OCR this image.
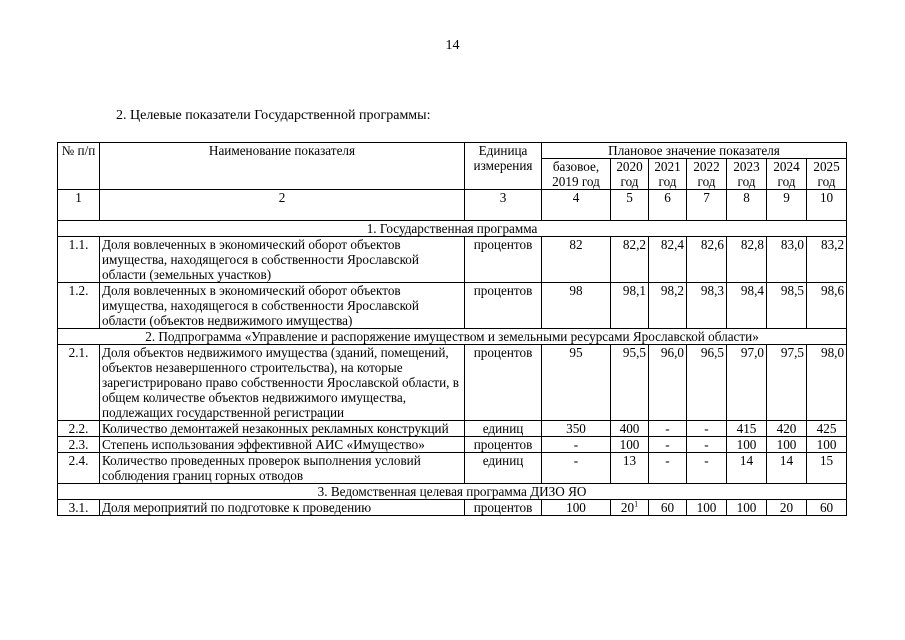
14
2. Целевые показатели Государственной программы:
№ п/п	Наименование показателя	Единица измерения	Плановое значение показателя						
			базовое, 2019 год	2020 год	2021 год	2022 год	2023 год	2024 год	2025 год
1	2	3	4	5	6	7	8	9	10
1. Государственная программа									
1.1.	Доля вовлеченных в экономический оборот объектов имущества, находящегося в собственности Ярославской области (земельных участков)	процентов	82	82,2	82,4	82,6	82,8	83,0	83,2
1.2.	Доля вовлеченных в экономический оборот объектов имущества, находящегося в собственности Ярославской области (объектов недвижимого имущества)	процентов	98	98,1	98,2	98,3	98,4	98,5	98,6
2. Подпрограмма «Управление и распоряжение имуществом и земельными ресурсами Ярославской области»									
2.1.	Доля объектов недвижимого имущества (зданий, помещений, объектов незавершенного строительства), на которые зарегистрировано право собственности Ярославской области, в общем количестве объектов недвижимого имущества, подлежащих государственной регистрации	процентов	95	95,5	96,0	96,5	97,0	97,5	98,0
2.2.	Количество демонтажей незаконных рекламных конструкций	единиц	350	400	-	-	415	420	425
2.3.	Степень использования эффективной АИС «Имущество»	процентов	-	100	-	-	100	100	100
2.4.	Количество проведенных проверок выполнения условий соблюдения границ горных отводов	единиц	-	13	-	-	14	14	15
3. Ведомственная целевая программа ДИЗО ЯО									
3.1.	Доля мероприятий по подготовке к проведению	процентов	100	$20^1$	60	100	100	20	60
